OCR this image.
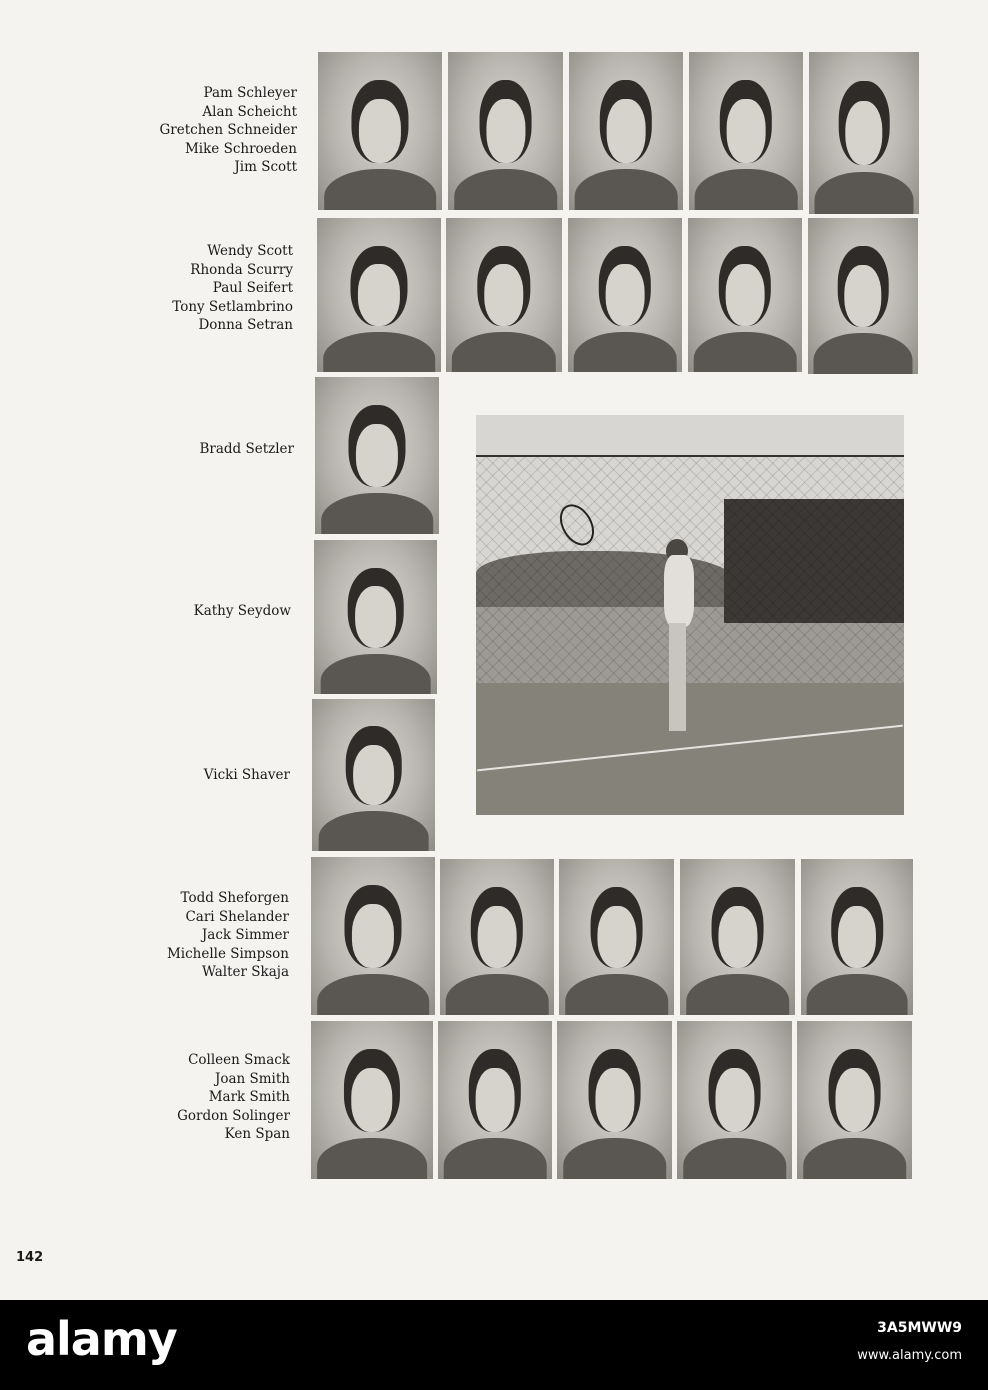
Pam Schleyer
Alan Scheicht
Gretchen Schneider
Mike Schroeden
Jim Scott
Wendy Scott
Rhonda Scurry
Paul Seifert
Tony Setlambrino
Donna Setran
Bradd Setzler
Kathy Seydow
Vicki Shaver
Todd Sheforgen
Cari Shelander
Jack Simmer
Michelle Simpson
Walter Skaja
Colleen Smack
Joan Smith
Mark Smith
Gordon Solinger
Ken Span
142
alamy	3A5MWW9
www.alamy.com
